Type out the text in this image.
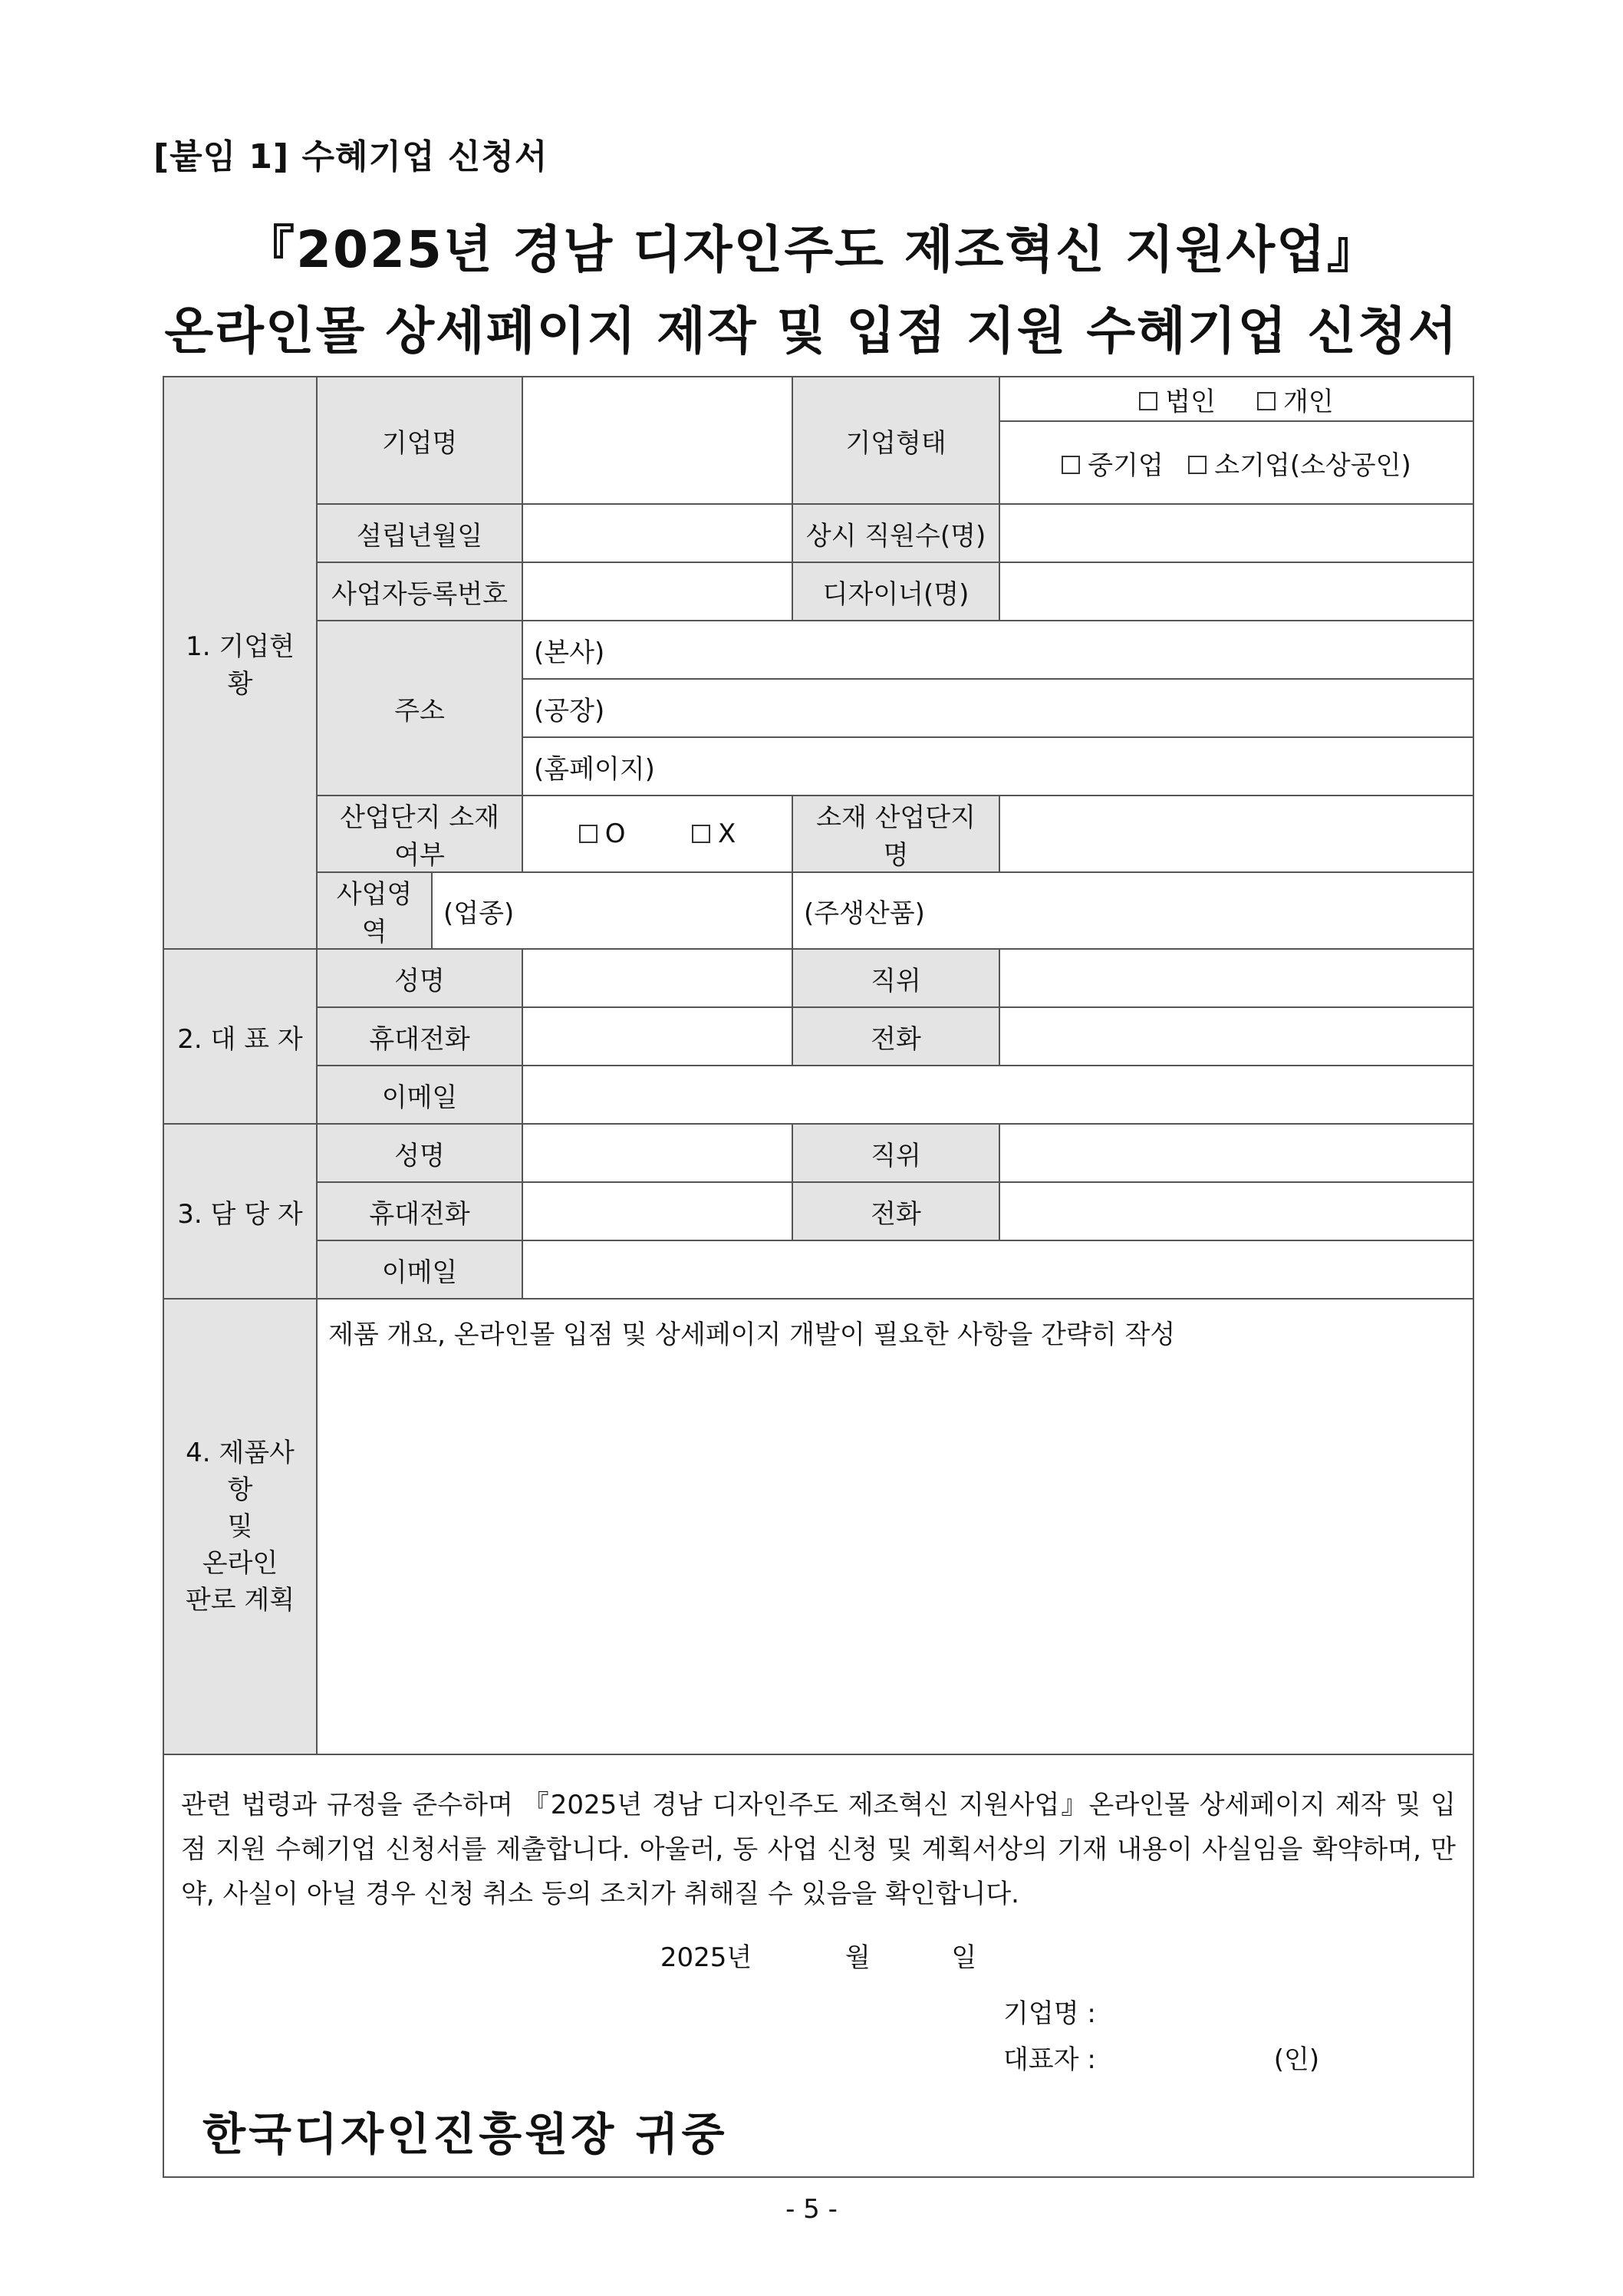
[붙임 1] 수혜기업 신청서
『2025년 경남 디자인주도 제조혁신 지원사업』
온라인몰 상세페이지 제작 및 입점 지원 수혜기업 신청서
1. 기업현황	기업명			기업형태	법인 개인
					중기업 소기업(소상공인)
	설립년월일			상시 직원수(명)	
	사업자등록번호			디자이너(명)	
	주소		(본사)		
			(공장)		
			(홈페이지)		
	산업단지 소재여부		O X	소재 산업단지명	
	사업영역	(업종)		(주생산품)	
2. 대 표 자	성명			직위	
	휴대전화			전화	
	이메일				
3. 담 당 자	성명			직위	
	휴대전화			전화	
	이메일				

4. 제품사항
및
온라인
판로 계획	제품 개요, 온라인몰 입점 및 상세페이지 개발이 필요한 사항을 간략히 작성				

관련 법령과 규정을 준수하며 『2025년 경남 디자인주도 제조혁신 지원사업』온라인몰 상세페이지 제작 및 입점 지원 수혜기업 신청서를 제출합니다. 아울러, 동 사업 신청 및 계획서상의 기재 내용이 사실임을 확약하며, 만약, 사실이 아닐 경우 신청 취소 등의 조치가 취해질 수 있음을 확인합니다.
2025년 월 일
기업명 :
대표자 : (인)
한국디자인진흥원장 귀중					
- 5 -
